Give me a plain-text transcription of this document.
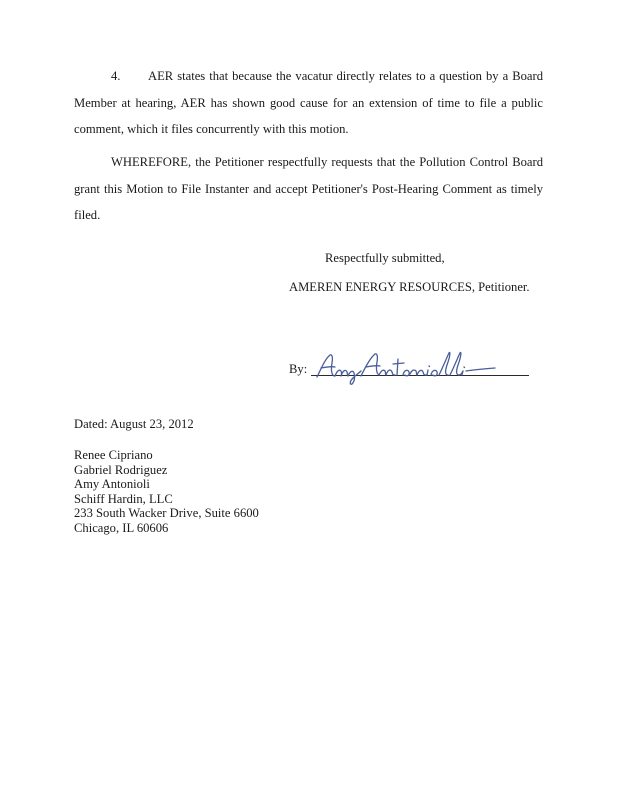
4. AER states that because the vacatur directly relates to a question by a Board Member at hearing, AER has shown good cause for an extension of time to file a public comment, which it files concurrently with this motion.
WHEREFORE, the Petitioner respectfully requests that the Pollution Control Board grant this Motion to File Instanter and accept Petitioner's Post-Hearing Comment as timely filed.
Respectfully submitted,
AMEREN ENERGY RESOURCES, Petitioner.
By:
Dated: August 23, 2012
Renee Cipriano
Gabriel Rodriguez
Amy Antonioli
Schiff Hardin, LLC
233 South Wacker Drive, Suite 6600
Chicago, IL 60606
